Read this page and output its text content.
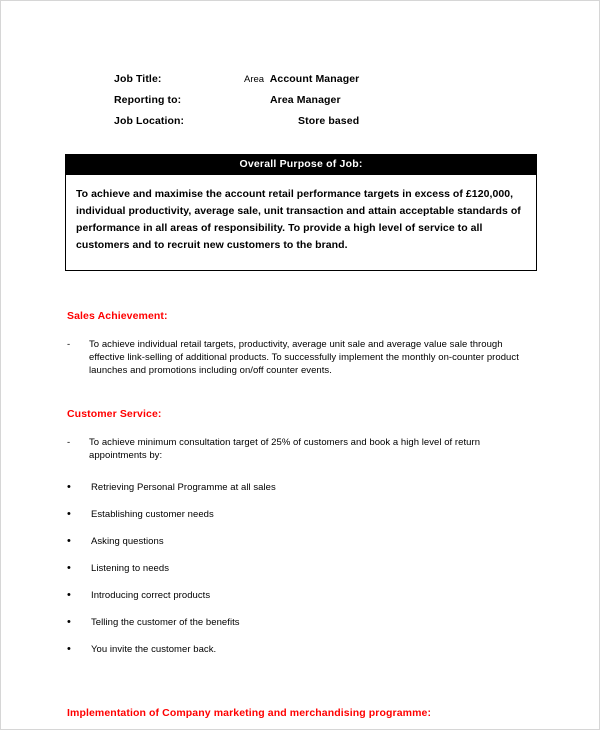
Job Title:	Area Account Manager
Reporting to:	Area Manager
Job Location:	Store based
Overall Purpose of Job:
To achieve and maximise the account retail performance targets in excess of £120,000, individual productivity, average sale, unit transaction and attain acceptable standards of performance in all areas of responsibility. To provide a high level of service to all customers and to recruit new customers to the brand.
Sales Achievement:
-	To achieve individual retail targets, productivity, average unit sale and average value sale through effective link-selling of additional products. To successfully implement the monthly on-counter product launches and promotions including on/off counter events.
Customer Service:
-	To achieve minimum consultation target of 25% of customers and book a high level of return appointments by:
•	Retrieving Personal Programme at all sales
•	Establishing customer needs
•	Asking questions
•	Listening to needs
•	Introducing correct products
•	Telling the customer of the benefits
•	You invite the customer back.
Implementation of Company marketing and merchandising programme:
